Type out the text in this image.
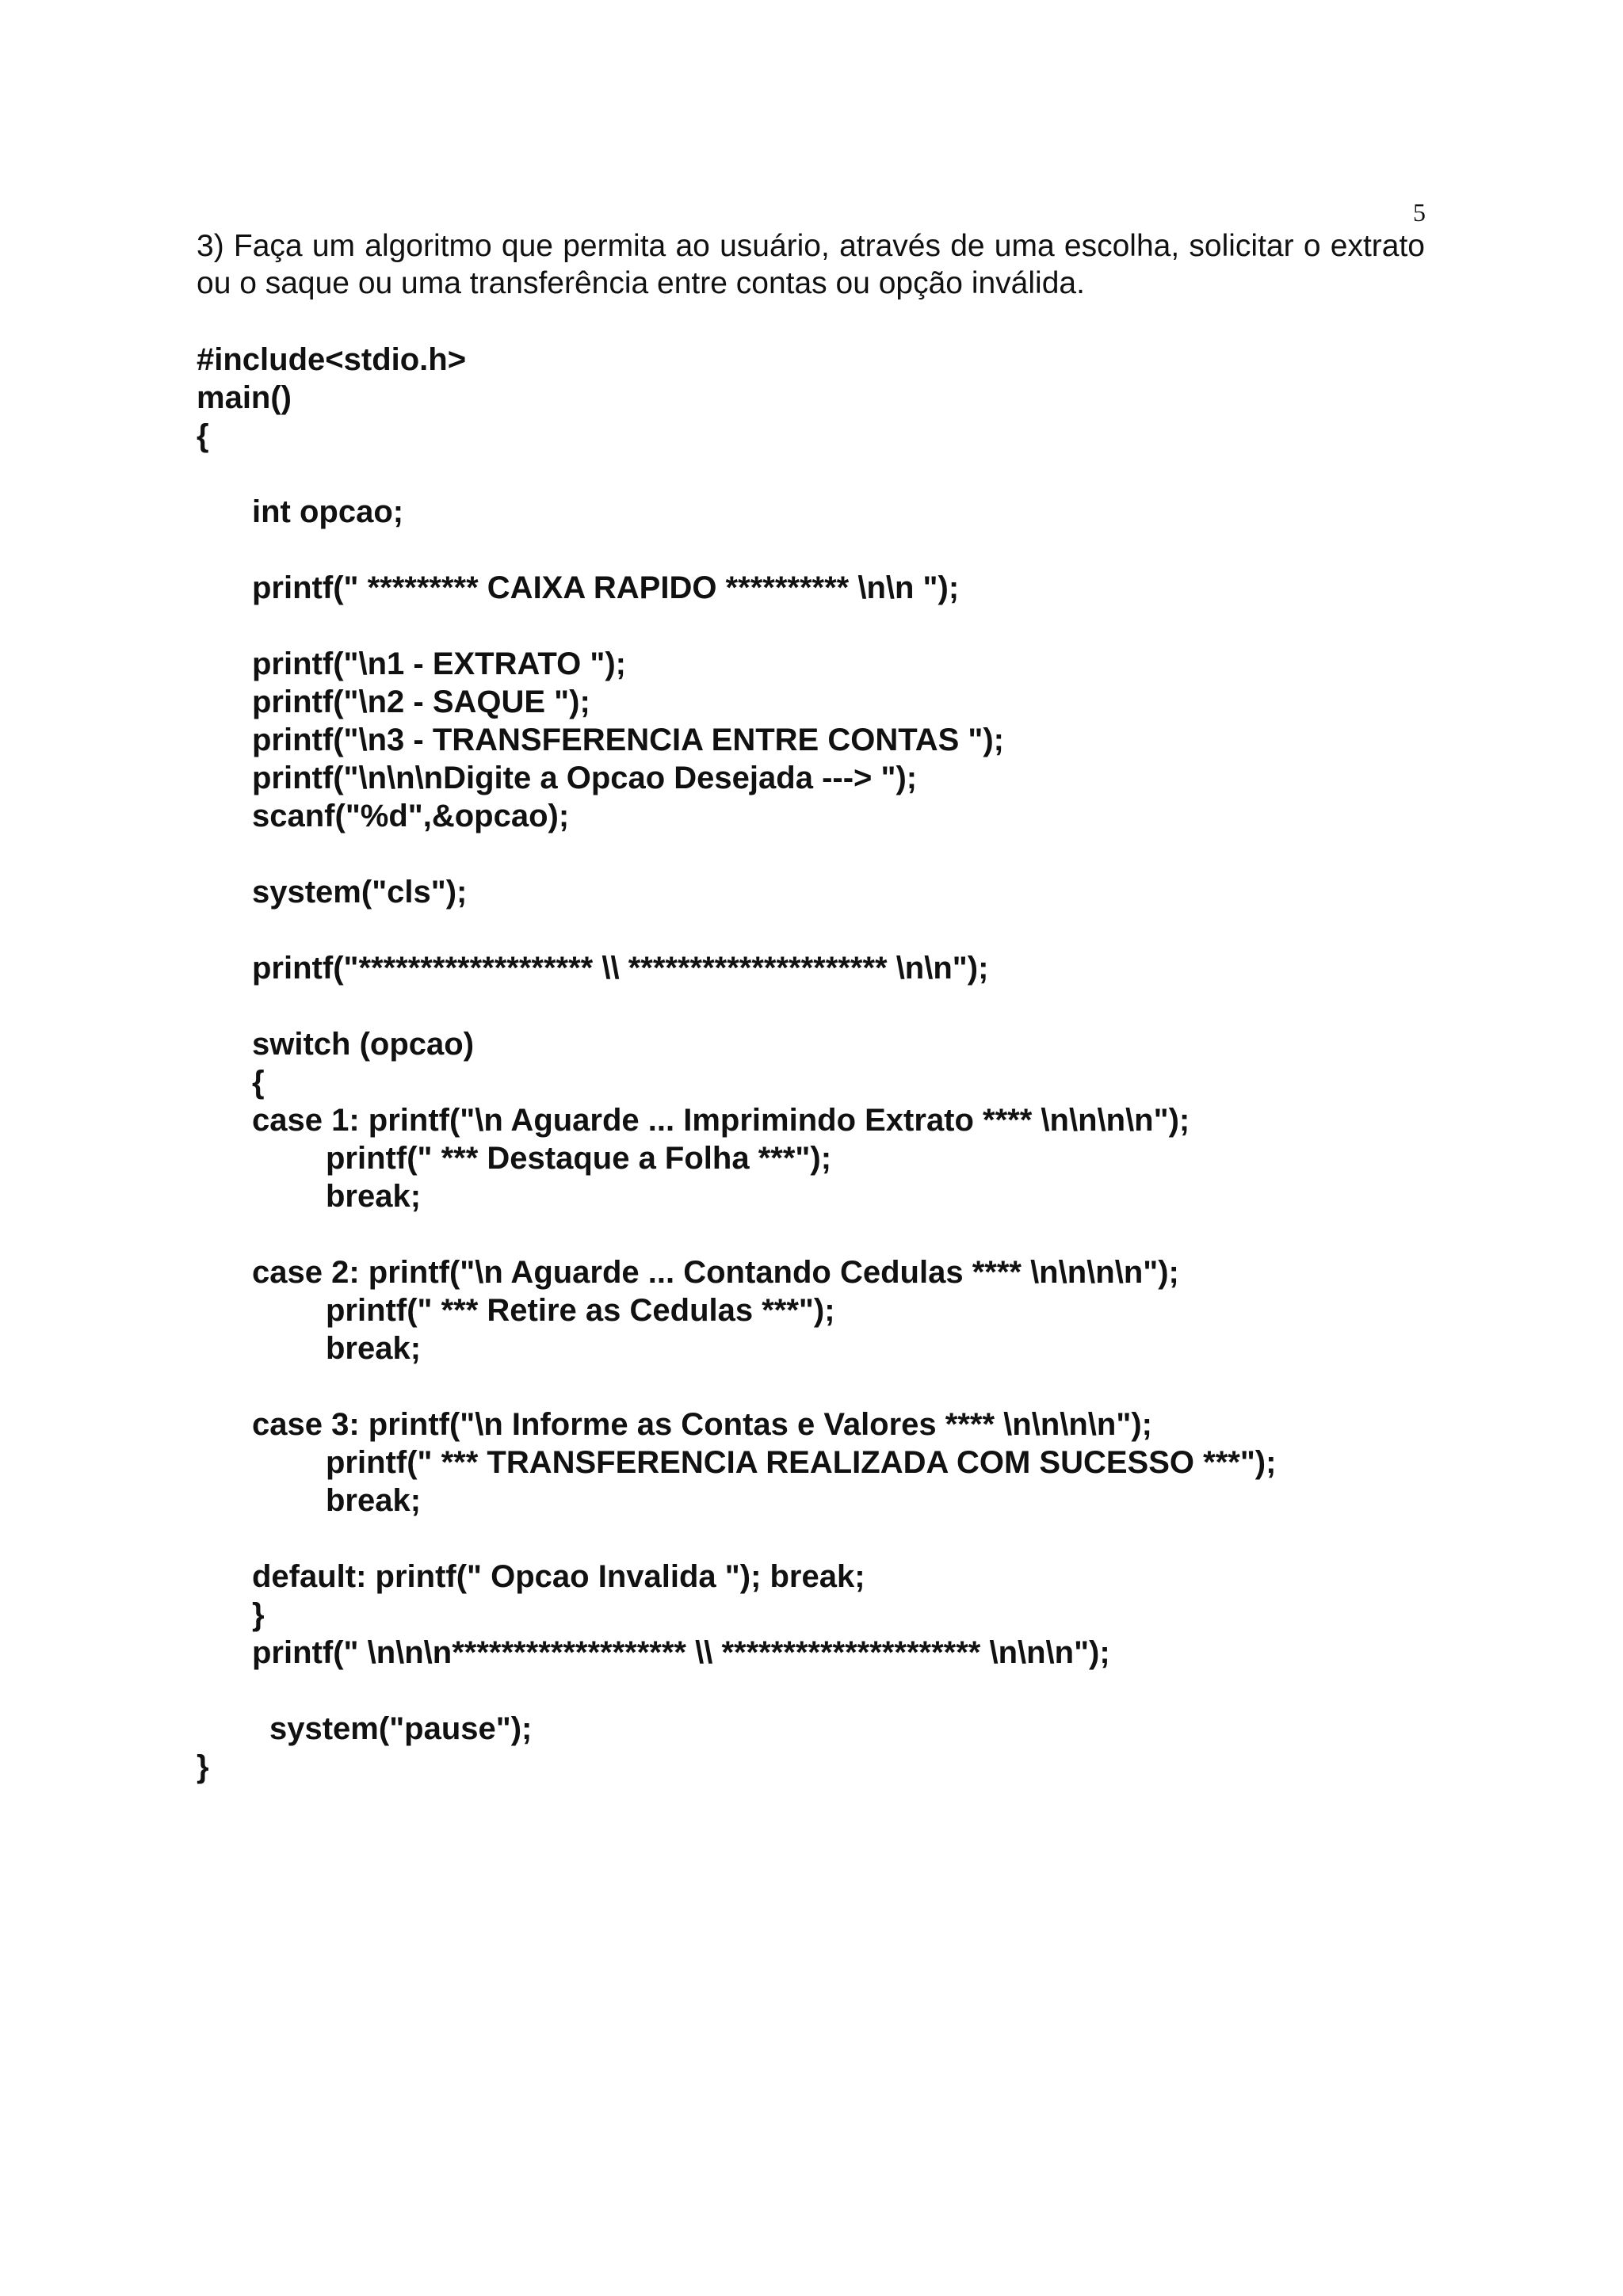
5
3) Faça um algoritmo que permita ao usuário, através de uma escolha, solicitar o extrato ou o saque ou uma transferência entre contas ou opção inválida.
#include<stdio.h>
main()
{
int opcao;
printf(" ********* CAIXA RAPIDO ********** \n\n ");
printf("\n1 - EXTRATO ");
printf("\n2 - SAQUE ");
printf("\n3 - TRANSFERENCIA ENTRE CONTAS ");
printf("\n\n\nDigite a Opcao Desejada ---> ");
scanf("%d",&opcao);
system("cls");
printf("******************* \\ ********************* \n\n");
switch (opcao)
{
case 1: printf("\n Aguarde ... Imprimindo Extrato **** \n\n\n\n");
printf(" *** Destaque a Folha ***");
break;
case 2: printf("\n Aguarde ... Contando Cedulas **** \n\n\n\n");
printf(" *** Retire as Cedulas ***");
break;
case 3: printf("\n Informe as Contas e Valores **** \n\n\n\n");
printf(" *** TRANSFERENCIA REALIZADA COM SUCESSO ***");
break;
default: printf(" Opcao Invalida "); break;
}
printf(" \n\n\n******************* \\ ********************* \n\n\n");
system("pause");
}
